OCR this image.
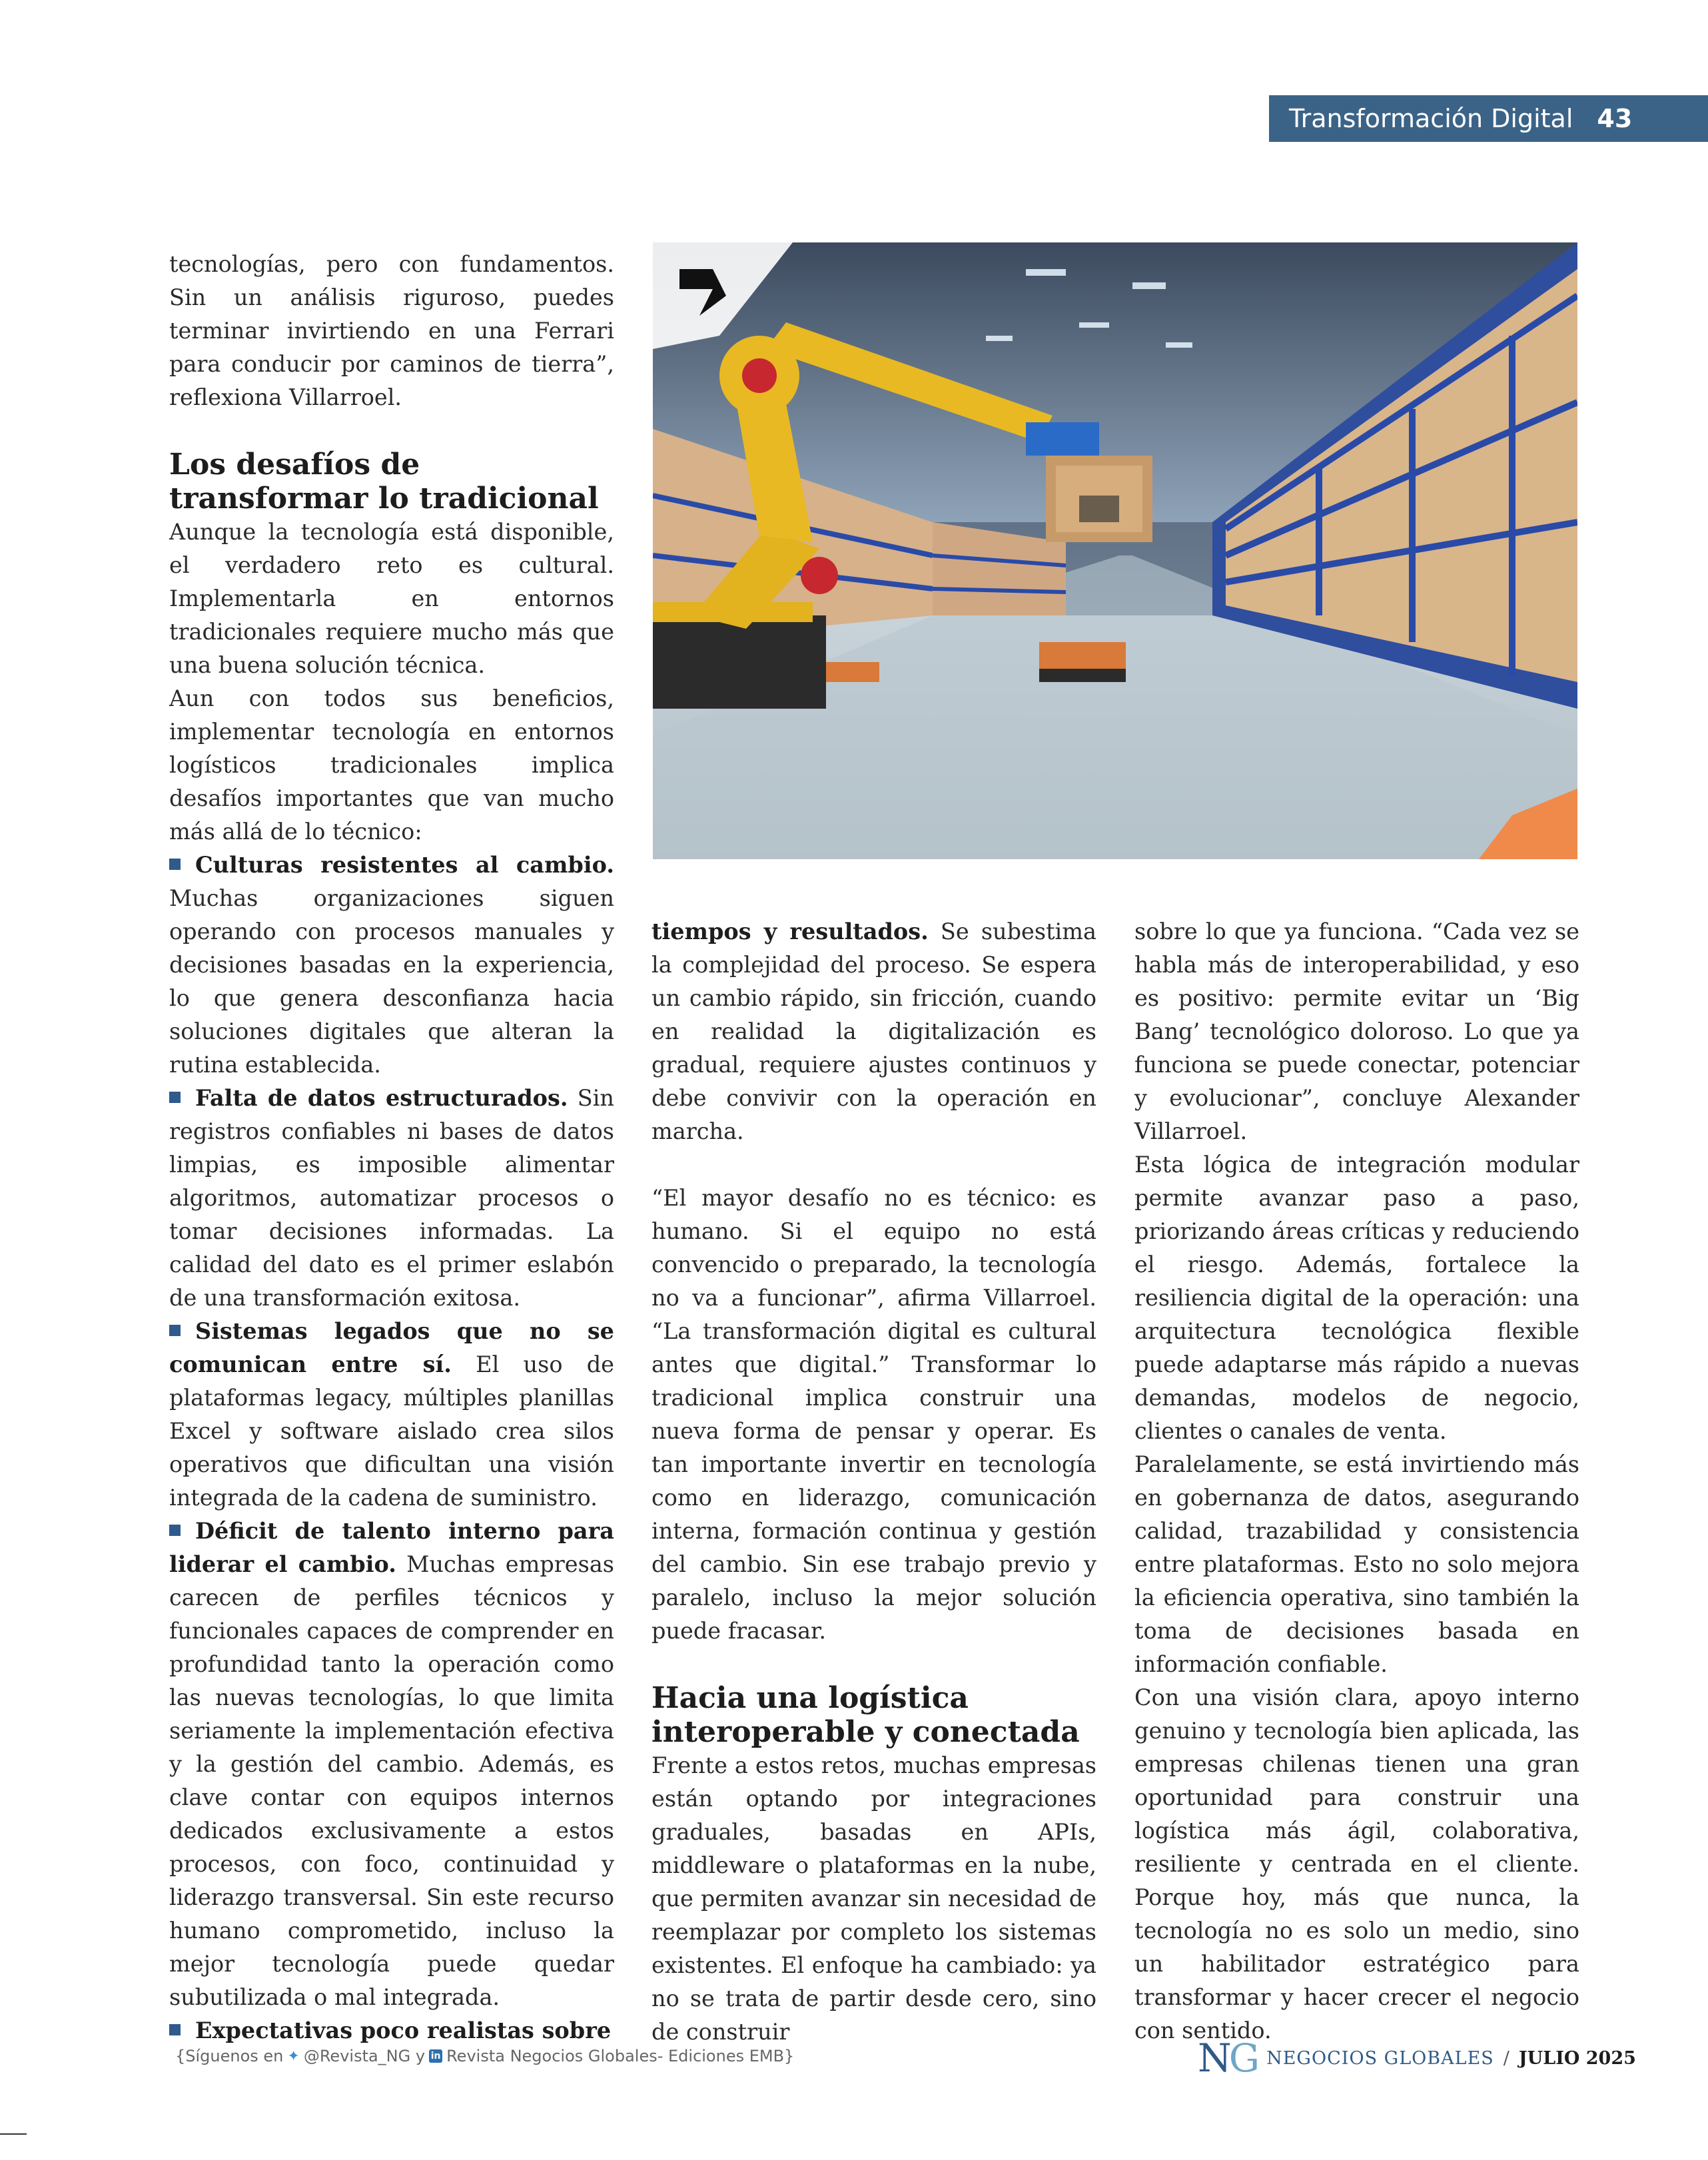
Transformación Digital 43

tecnologías, pero con fundamentos. Sin un análisis riguroso, puedes terminar invirtiendo en una Ferrari para conducir por caminos de tierra”, reflexiona Villarroel.

Los desafíos de transformar lo tradicional

Aunque la tecnología está disponible, el verdadero reto es cultural. Implementarla en entornos tradicionales requiere mucho más que una buena solución técnica.

Aun con todos sus beneficios, implementar tecnología en entornos logísticos tradicionales implica desafíos importantes que van mucho más allá de lo técnico:

Culturas resistentes al cambio. Muchas organizaciones siguen operando con procesos manuales y decisiones basadas en la experiencia, lo que genera desconfianza hacia soluciones digitales que alteran la rutina establecida.

Falta de datos estructurados. Sin registros confiables ni bases de datos limpias, es imposible alimentar algoritmos, automatizar procesos o tomar decisiones informadas. La calidad del dato es el primer eslabón de una transformación exitosa.

Sistemas legados que no se comunican entre sí. El uso de plataformas legacy, múltiples planillas Excel y software aislado crea silos operativos que dificultan una visión integrada de la cadena de suministro.

Déficit de talento interno para liderar el cambio. Muchas empresas carecen de perfiles técnicos y funcionales capaces de comprender en profundidad tanto la operación como las nuevas tecnologías, lo que limita seriamente la implementación efectiva y la gestión del cambio. Además, es clave contar con equipos internos dedicados exclusivamente a estos procesos, con foco, continuidad y liderazgo transversal. Sin este recurso humano comprometido, incluso la mejor tecnología puede quedar subutilizada o mal integrada.

Expectativas poco realistas sobre

tiempos y resultados. Se subestima la complejidad del proceso. Se espera un cambio rápido, sin fricción, cuando en realidad la digitalización es gradual, requiere ajustes continuos y debe convivir con la operación en marcha.

“El mayor desafío no es técnico: es humano. Si el equipo no está convencido o preparado, la tecnología no va a funcionar”, afirma Villarroel. “La transformación digital es cultural antes que digital.” Transformar lo tradicional implica construir una nueva forma de pensar y operar. Es tan importante invertir en tecnología como en liderazgo, comunicación interna, formación continua y gestión del cambio. Sin ese trabajo previo y paralelo, incluso la mejor solución puede fracasar.

Hacia una logística interoperable y conectada

Frente a estos retos, muchas empresas están optando por integraciones graduales, basadas en APIs, middleware o plataformas en la nube, que permiten avanzar sin necesidad de reemplazar por completo los sistemas existentes. El enfoque ha cambiado: ya no se trata de partir desde cero, sino de construir

sobre lo que ya funciona. “Cada vez se habla más de interoperabilidad, y eso es positivo: permite evitar un ‘Big Bang’ tecnológico doloroso. Lo que ya funciona se puede conectar, potenciar y evolucionar”, concluye Alexander Villarroel.

Esta lógica de integración modular permite avanzar paso a paso, priorizando áreas críticas y reduciendo el riesgo. Además, fortalece la resiliencia digital de la operación: una arquitectura tecnológica flexible puede adaptarse más rápido a nuevas demandas, modelos de negocio, clientes o canales de venta.

Paralelamente, se está invirtiendo más en gobernanza de datos, asegurando calidad, trazabilidad y consistencia entre plataformas. Esto no solo mejora la eficiencia operativa, sino también la toma de decisiones basada en información confiable.

Con una visión clara, apoyo interno genuino y tecnología bien aplicada, las empresas chilenas tienen una gran oportunidad para construir una logística más ágil, colaborativa, resiliente y centrada en el cliente. Porque hoy, más que nunca, la tecnología no es solo un medio, sino un habilitador estratégico para transformar y hacer crecer el negocio con sentido.

{Síguenos en ✦ @Revista_NG y in Revista Negocios Globales- Ediciones EMB}	NG NEGOCIOS GLOBALES / JULIO 2025
